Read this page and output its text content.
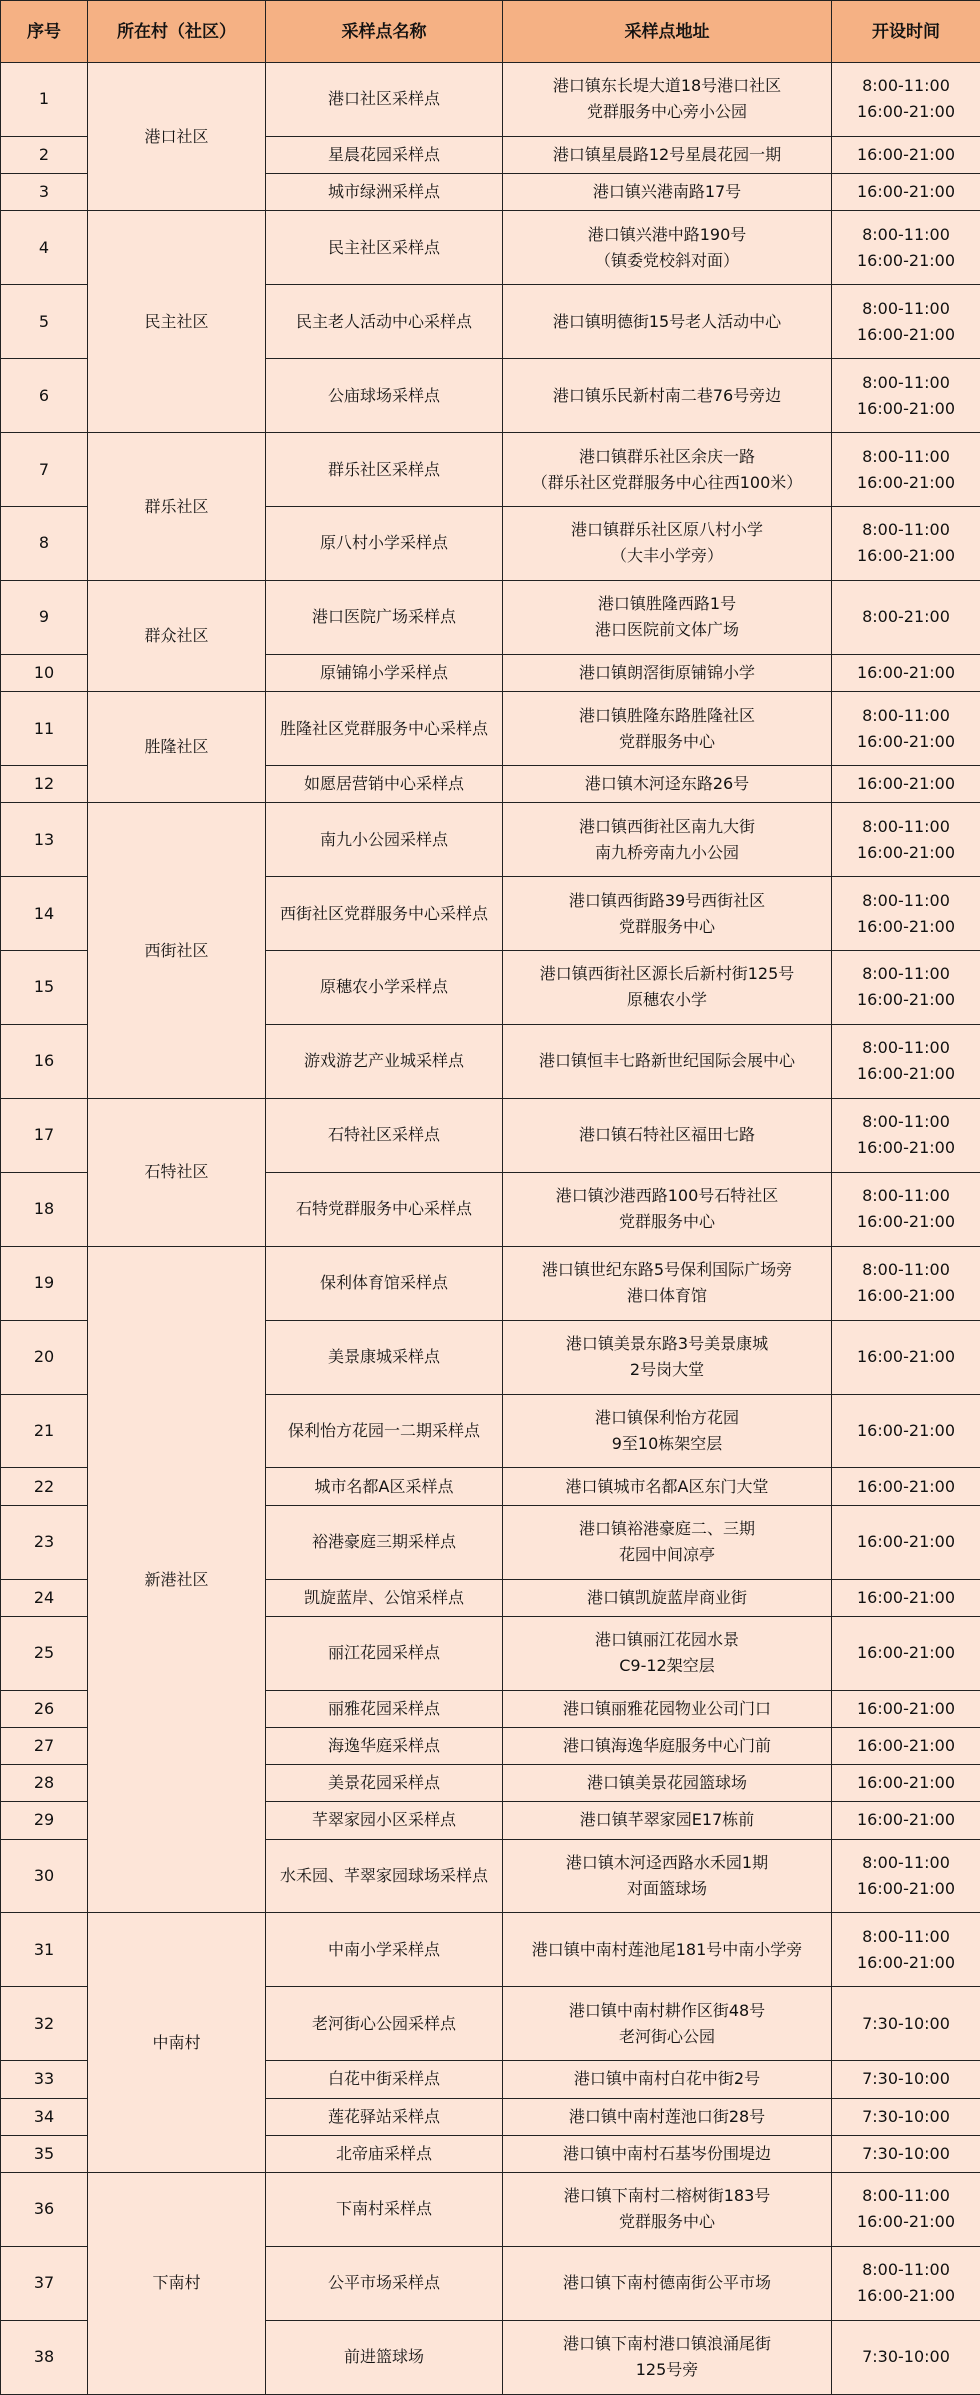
序号	所在村（社区）	采样点名称	采样点地址	开设时间
1	港口社区	港口社区采样点	港口镇东长堤大道18号港口社区
党群服务中心旁小公园	8:00-11:00
16:00-21:00
2		星晨花园采样点	港口镇星晨路12号星晨花园一期	16:00-21:00
3		城市绿洲采样点	港口镇兴港南路17号	16:00-21:00
4	民主社区	民主社区采样点	港口镇兴港中路190号
（镇委党校斜对面）	8:00-11:00
16:00-21:00
5		民主老人活动中心采样点	港口镇明德街15号老人活动中心	8:00-11:00
16:00-21:00
6		公庙球场采样点	港口镇乐民新村南二巷76号旁边	8:00-11:00
16:00-21:00
7	群乐社区	群乐社区采样点	港口镇群乐社区余庆一路
（群乐社区党群服务中心往西100米）	8:00-11:00
16:00-21:00
8		原八村小学采样点	港口镇群乐社区原八村小学
（大丰小学旁）	8:00-11:00
16:00-21:00
9	群众社区	港口医院广场采样点	港口镇胜隆西路1号
港口医院前文体广场	8:00-21:00
10		原铺锦小学采样点	港口镇朗滘街原铺锦小学	16:00-21:00
11	胜隆社区	胜隆社区党群服务中心采样点	港口镇胜隆东路胜隆社区
党群服务中心	8:00-11:00
16:00-21:00
12		如愿居营销中心采样点	港口镇木河迳东路26号	16:00-21:00
13	西街社区	南九小公园采样点	港口镇西街社区南九大街
南九桥旁南九小公园	8:00-11:00
16:00-21:00
14		西街社区党群服务中心采样点	港口镇西街路39号西街社区
党群服务中心	8:00-11:00
16:00-21:00
15		原穗农小学采样点	港口镇西街社区源长后新村街125号
原穗农小学	8:00-11:00
16:00-21:00
16		游戏游艺产业城采样点	港口镇恒丰七路新世纪国际会展中心	8:00-11:00
16:00-21:00
17	石特社区	石特社区采样点	港口镇石特社区福田七路	8:00-11:00
16:00-21:00
18		石特党群服务中心采样点	港口镇沙港西路100号石特社区
党群服务中心	8:00-11:00
16:00-21:00
19	新港社区	保利体育馆采样点	港口镇世纪东路5号保利国际广场旁
港口体育馆	8:00-11:00
16:00-21:00
20		美景康城采样点	港口镇美景东路3号美景康城
2号岗大堂	16:00-21:00
21		保利怡方花园一二期采样点	港口镇保利怡方花园
9至10栋架空层	16:00-21:00
22		城市名都A区采样点	港口镇城市名都A区东门大堂	16:00-21:00
23		裕港豪庭三期采样点	港口镇裕港豪庭二、三期
花园中间凉亭	16:00-21:00
24		凯旋蓝岸、公馆采样点	港口镇凯旋蓝岸商业街	16:00-21:00
25		丽江花园采样点	港口镇丽江花园水景
C9-12架空层	16:00-21:00
26		丽雅花园采样点	港口镇丽雅花园物业公司门口	16:00-21:00
27		海逸华庭采样点	港口镇海逸华庭服务中心门前	16:00-21:00
28		美景花园采样点	港口镇美景花园篮球场	16:00-21:00
29		芊翠家园小区采样点	港口镇芊翠家园E17栋前	16:00-21:00
30		水禾园、芊翠家园球场采样点	港口镇木河迳西路水禾园1期
对面篮球场	8:00-11:00
16:00-21:00
31	中南村	中南小学采样点	港口镇中南村莲池尾181号中南小学旁	8:00-11:00
16:00-21:00
32		老河街心公园采样点	港口镇中南村耕作区街48号
老河街心公园	7:30-10:00
33		白花中街采样点	港口镇中南村白花中街2号	7:30-10:00
34		莲花驿站采样点	港口镇中南村莲池口街28号	7:30-10:00
35		北帝庙采样点	港口镇中南村石基岑份围堤边	7:30-10:00
36	下南村	下南村采样点	港口镇下南村二榕树街183号
党群服务中心	8:00-11:00
16:00-21:00
37		公平市场采样点	港口镇下南村德南街公平市场	8:00-11:00
16:00-21:00
38		前进篮球场	港口镇下南村港口镇浪涌尾街
125号旁	7:30-10:00
